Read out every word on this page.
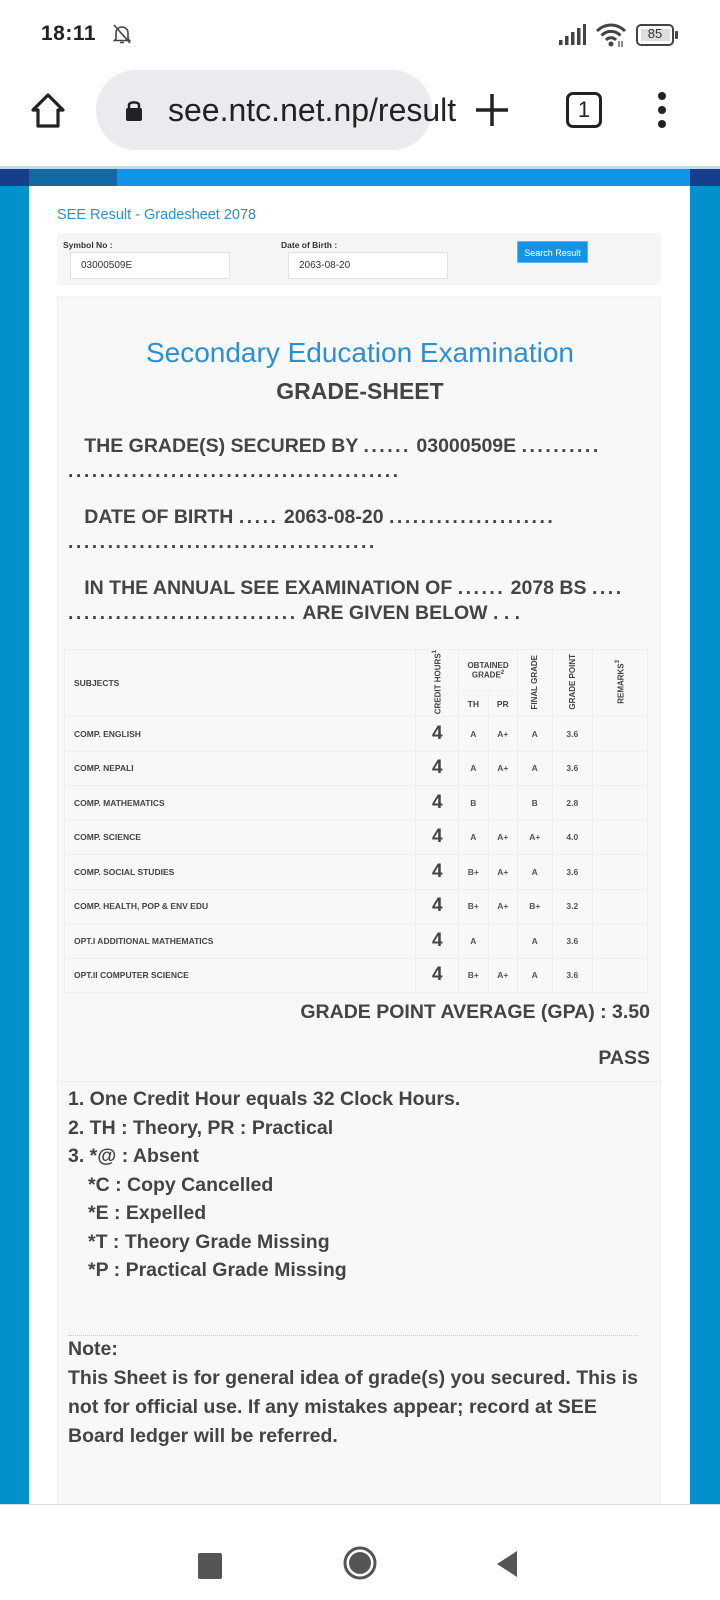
18:11	85
see.ntc.net.np/result	1
SEE Result - Gradesheet 2078
Symbol No :
03000509E	Date of Birth :
2063-08-20
Search Result
Secondary Education Examination
GRADE-SHEET
THE GRADE(S) SECURED BY ...... 03000509E ..........
..........................................
DATE OF BIRTH ..... 2063-08-20 .....................
.......................................
IN THE ANNUAL SEE EXAMINATION OF ...... 2078 BS ....
............................. ARE GIVEN BELOW . . .
SUBJECTS	CREDIT HOURS$^1$	OBTAINED GRADE$^2$		FINAL GRADE	GRADE POINT	REMARKS$^3$
		TH	PR			
COMP. ENGLISH	4	A	A+	A	3.6	
COMP. NEPALI	4	A	A+	A	3.6	
COMP. MATHEMATICS	4	B		B	2.8	
COMP. SCIENCE	4	A	A+	A+	4.0	
COMP. SOCIAL STUDIES	4	B+	A+	A	3.6	
COMP. HEALTH, POP & ENV EDU	4	B+	A+	B+	3.2	
OPT.I ADDITIONAL MATHEMATICS	4	A		A	3.6	
OPT.II COMPUTER SCIENCE	4	B+	A+	A	3.6	
GRADE POINT AVERAGE (GPA) : 3.50
PASS
1. One Credit Hour equals 32 Clock Hours.
2. TH : Theory, PR : Practical
3. *@ : Absent
*C : Copy Cancelled
*E : Expelled
*T : Theory Grade Missing
*P : Practical Grade Missing
Note:
This Sheet is for general idea of grade(s) you secured. This is not for official use. If any mistakes appear; record at SEE Board ledger will be referred.
